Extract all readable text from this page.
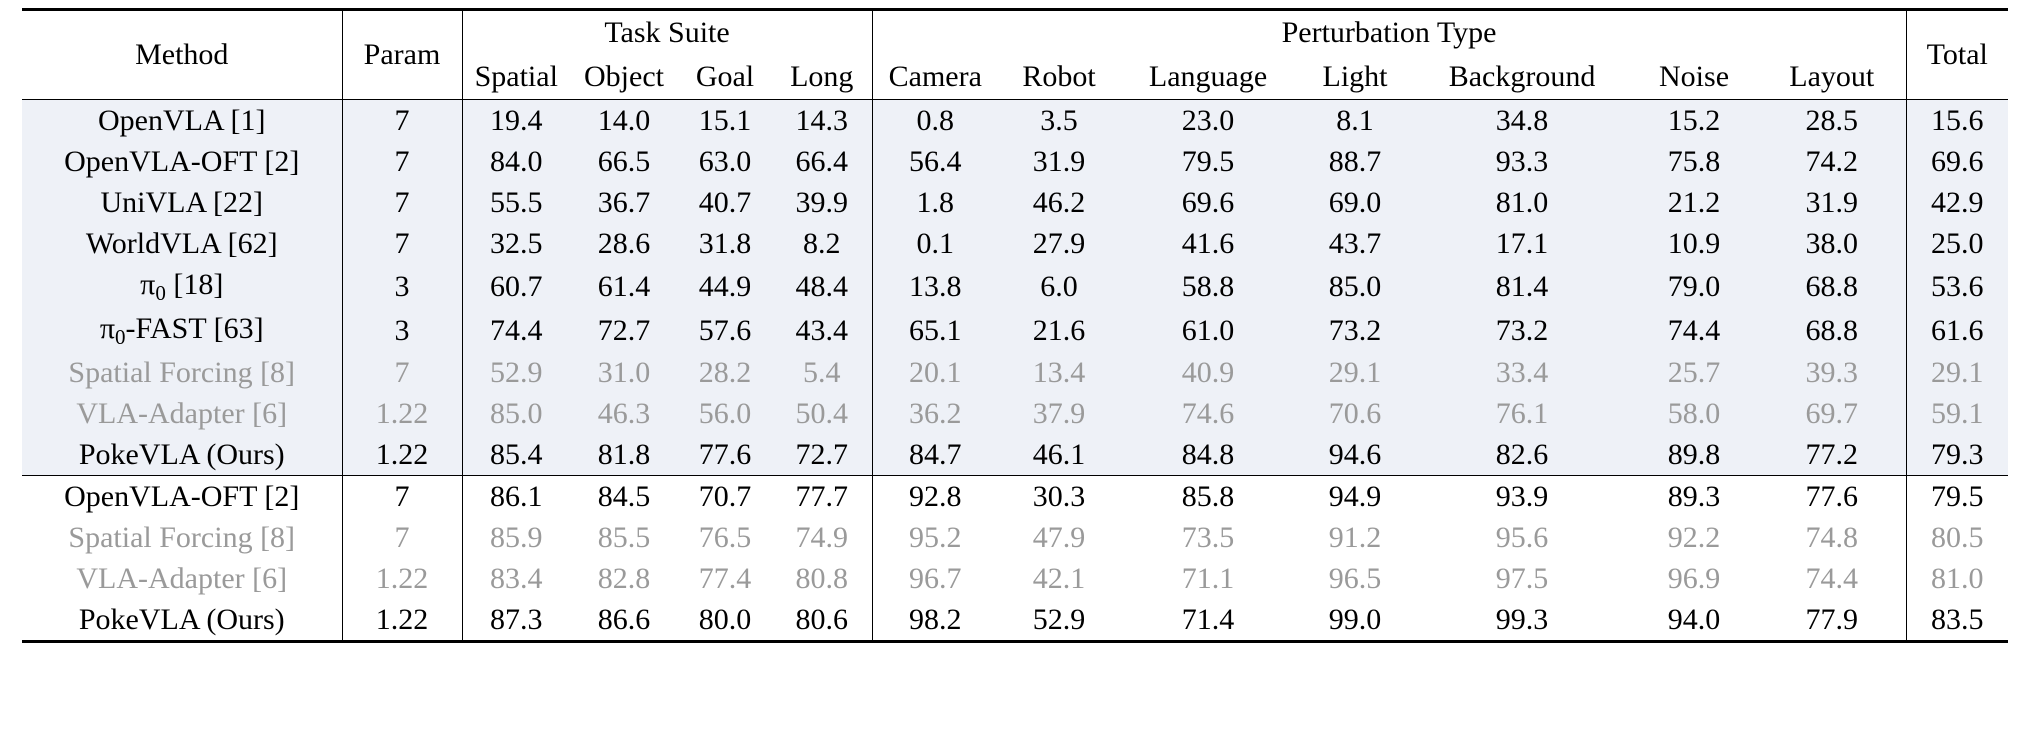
Method	Param	Task Suite				Perturbation Type							Total
		Spatial	Object	Goal	Long	Camera	Robot	Language	Light	Background	Noise	Layout	
OpenVLA [1]	7	19.4	14.0	15.1	14.3	0.8	3.5	23.0	8.1	34.8	15.2	28.5	15.6
OpenVLA-OFT [2]	7	84.0	66.5	63.0	66.4	56.4	31.9	79.5	88.7	93.3	75.8	74.2	69.6
UniVLA [22]	7	55.5	36.7	40.7	39.9	1.8	46.2	69.6	69.0	81.0	21.2	31.9	42.9
WorldVLA [62]	7	32.5	28.6	31.8	8.2	0.1	27.9	41.6	43.7	17.1	10.9	38.0	25.0
$\pi_0$ [18]	3	60.7	61.4	44.9	48.4	13.8	6.0	58.8	85.0	81.4	79.0	68.8	53.6
$\pi_0$-FAST [63]	3	74.4	72.7	57.6	43.4	65.1	21.6	61.0	73.2	73.2	74.4	68.8	61.6
Spatial Forcing [8]	7	52.9	31.0	28.2	5.4	20.1	13.4	40.9	29.1	33.4	25.7	39.3	29.1
VLA-Adapter [6]	1.22	85.0	46.3	56.0	50.4	36.2	37.9	74.6	70.6	76.1	58.0	69.7	59.1
PokeVLA (Ours)	1.22	85.4	81.8	77.6	72.7	84.7	46.1	84.8	94.6	82.6	89.8	77.2	79.3
OpenVLA-OFT [2]	7	86.1	84.5	70.7	77.7	92.8	30.3	85.8	94.9	93.9	89.3	77.6	79.5
Spatial Forcing [8]	7	85.9	85.5	76.5	74.9	95.2	47.9	73.5	91.2	95.6	92.2	74.8	80.5
VLA-Adapter [6]	1.22	83.4	82.8	77.4	80.8	96.7	42.1	71.1	96.5	97.5	96.9	74.4	81.0
PokeVLA (Ours)	1.22	87.3	86.6	80.0	80.6	98.2	52.9	71.4	99.0	99.3	94.0	77.9	83.5
